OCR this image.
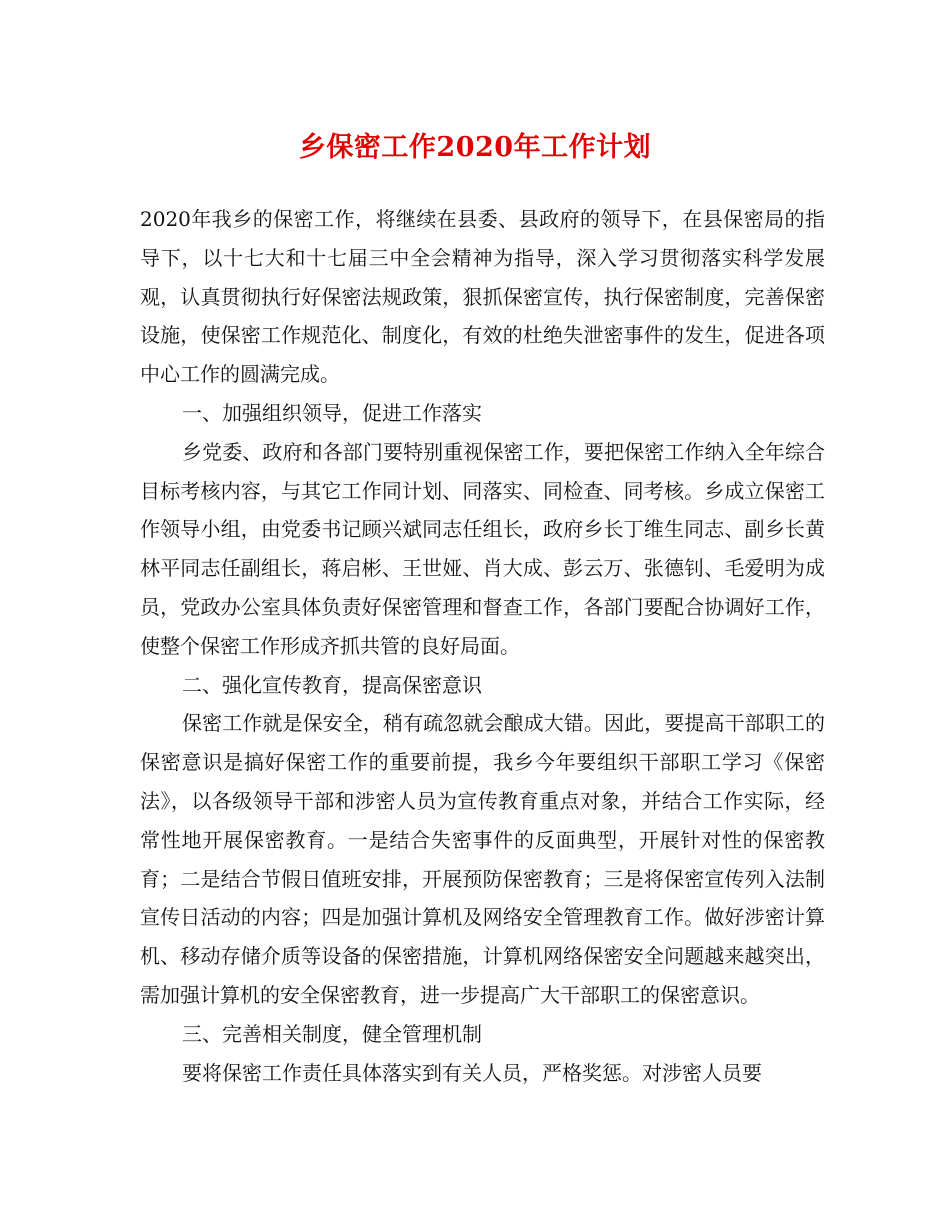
乡保密工作2020年工作计划

2020年我乡的保密工作，将继续在县委、县政府的领导下，在县保密局的指导下，以十七大和十七届三中全会精神为指导，深入学习贯彻落实科学发展观，认真贯彻执行好保密法规政策，狠抓保密宣传，执行保密制度，完善保密设施，使保密工作规范化、制度化，有效的杜绝失泄密事件的发生，促进各项中心工作的圆满完成。

一、加强组织领导，促进工作落实

乡党委、政府和各部门要特别重视保密工作，要把保密工作纳入全年综合目标考核内容，与其它工作同计划、同落实、同检查、同考核。乡成立保密工作领导小组，由党委书记顾兴斌同志任组长，政府乡长丁维生同志、副乡长黄林平同志任副组长，蒋启彬、王世娅、肖大成、彭云万、张德钊、毛爱明为成员，党政办公室具体负责好保密管理和督查工作，各部门要配合协调好工作，使整个保密工作形成齐抓共管的良好局面。

二、强化宣传教育，提高保密意识

保密工作就是保安全，稍有疏忽就会酿成大错。因此，要提高干部职工的保密意识是搞好保密工作的重要前提，我乡今年要组织干部职工学习《保密法》，以各级领导干部和涉密人员为宣传教育重点对象，并结合工作实际，经常性地开展保密教育。一是结合失密事件的反面典型，开展针对性的保密教育；二是结合节假日值班安排，开展预防保密教育；三是将保密宣传列入法制宣传日活动的内容；四是加强计算机及网络安全管理教育工作。做好涉密计算机、移动存储介质等设备的保密措施，计算机网络保密安全问题越来越突出，需加强计算机的安全保密教育，进一步提高广大干部职工的保密意识。

三、完善相关制度，健全管理机制

要将保密工作责任具体落实到有关人员，严格奖惩。对涉密人员要
